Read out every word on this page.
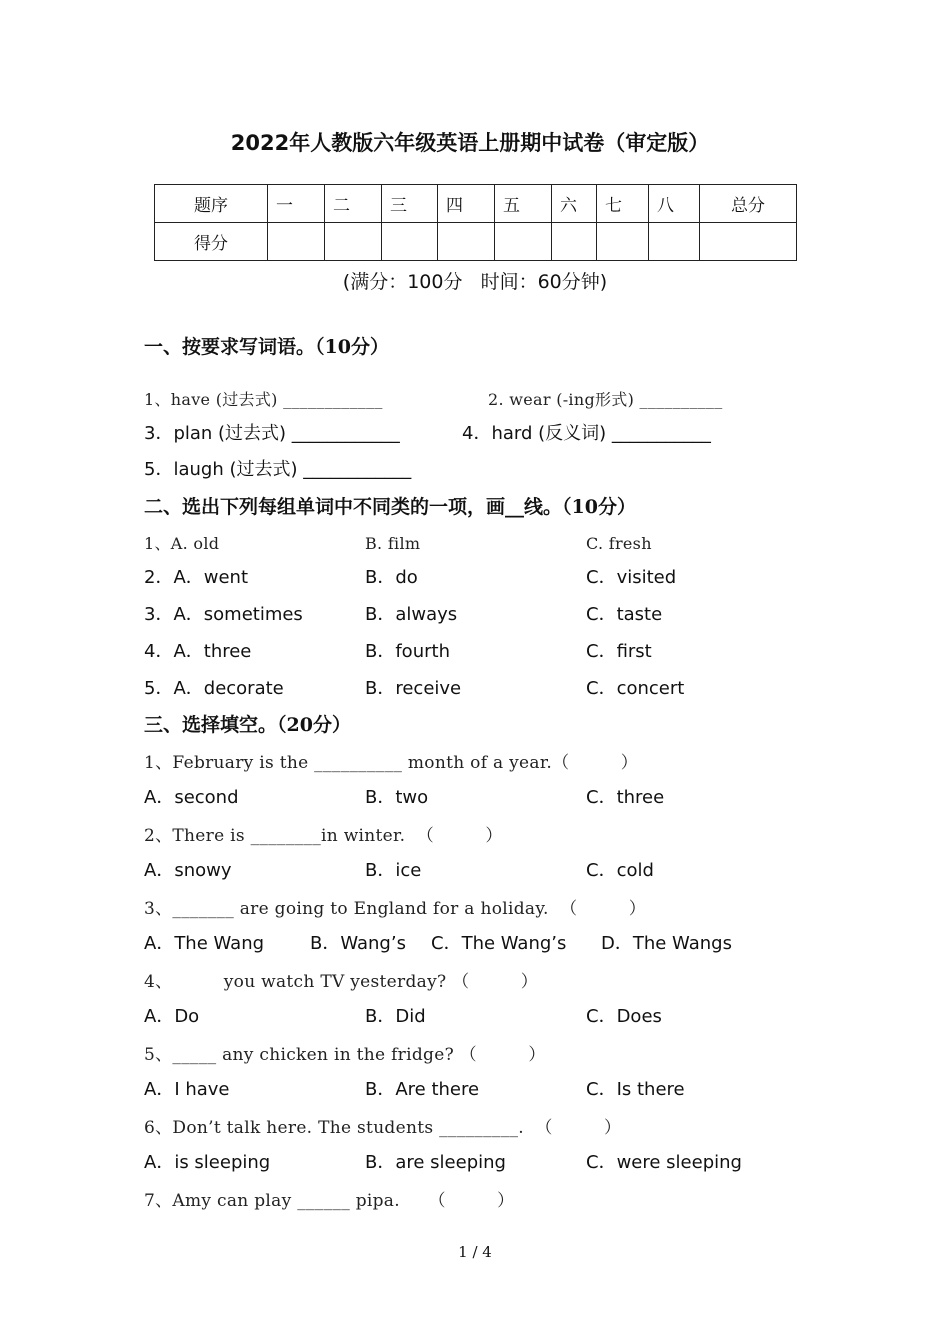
2022年人教版六年级英语上册期中试卷（审定版）
题序	一	二	三	四	五	六	七	八	总分
得分									
(满分：100分   时间：60分钟)
一、按要求写词语。（10分）
1、have (过去式) ____________	2. wear (-ing形式) __________
3．plan (过去式) ____________	4．hard (反义词) ___________
5．laugh (过去式) ____________
二、选出下列每组单词中不同类的一项，画__线。（10分）
1、A. old	B. film	C. fresh
2．A．went	B．do	C．visited
3．A．sometimes	B．always	C．taste
4．A．three	B．fourth	C．first
5．A．decorate	B．receive	C．concert
三、选择填空。（20分）
1、February is the __________ month of a year.（         ）
A．second	B．two	C．three
2、There is ________in winter.  （         ）
A．snowy	B．ice	C．cold
3、_______ are going to England for a holiday.  （         ）
A．The Wang	B．Wang’s C．The Wang’s D．The Wangs
4、         you watch TV yesterday? （         ）
A．Do	B．Did	C．Does
5、_____ any chicken in the fridge? （         ）
A．I have	B．Are there	C．Is there
6、Don’t talk here. The students _________.  （         ）
A．is sleeping	B．are sleeping	C．were sleeping
7、Amy can play ______ pipa.     （         ）
1 / 4
